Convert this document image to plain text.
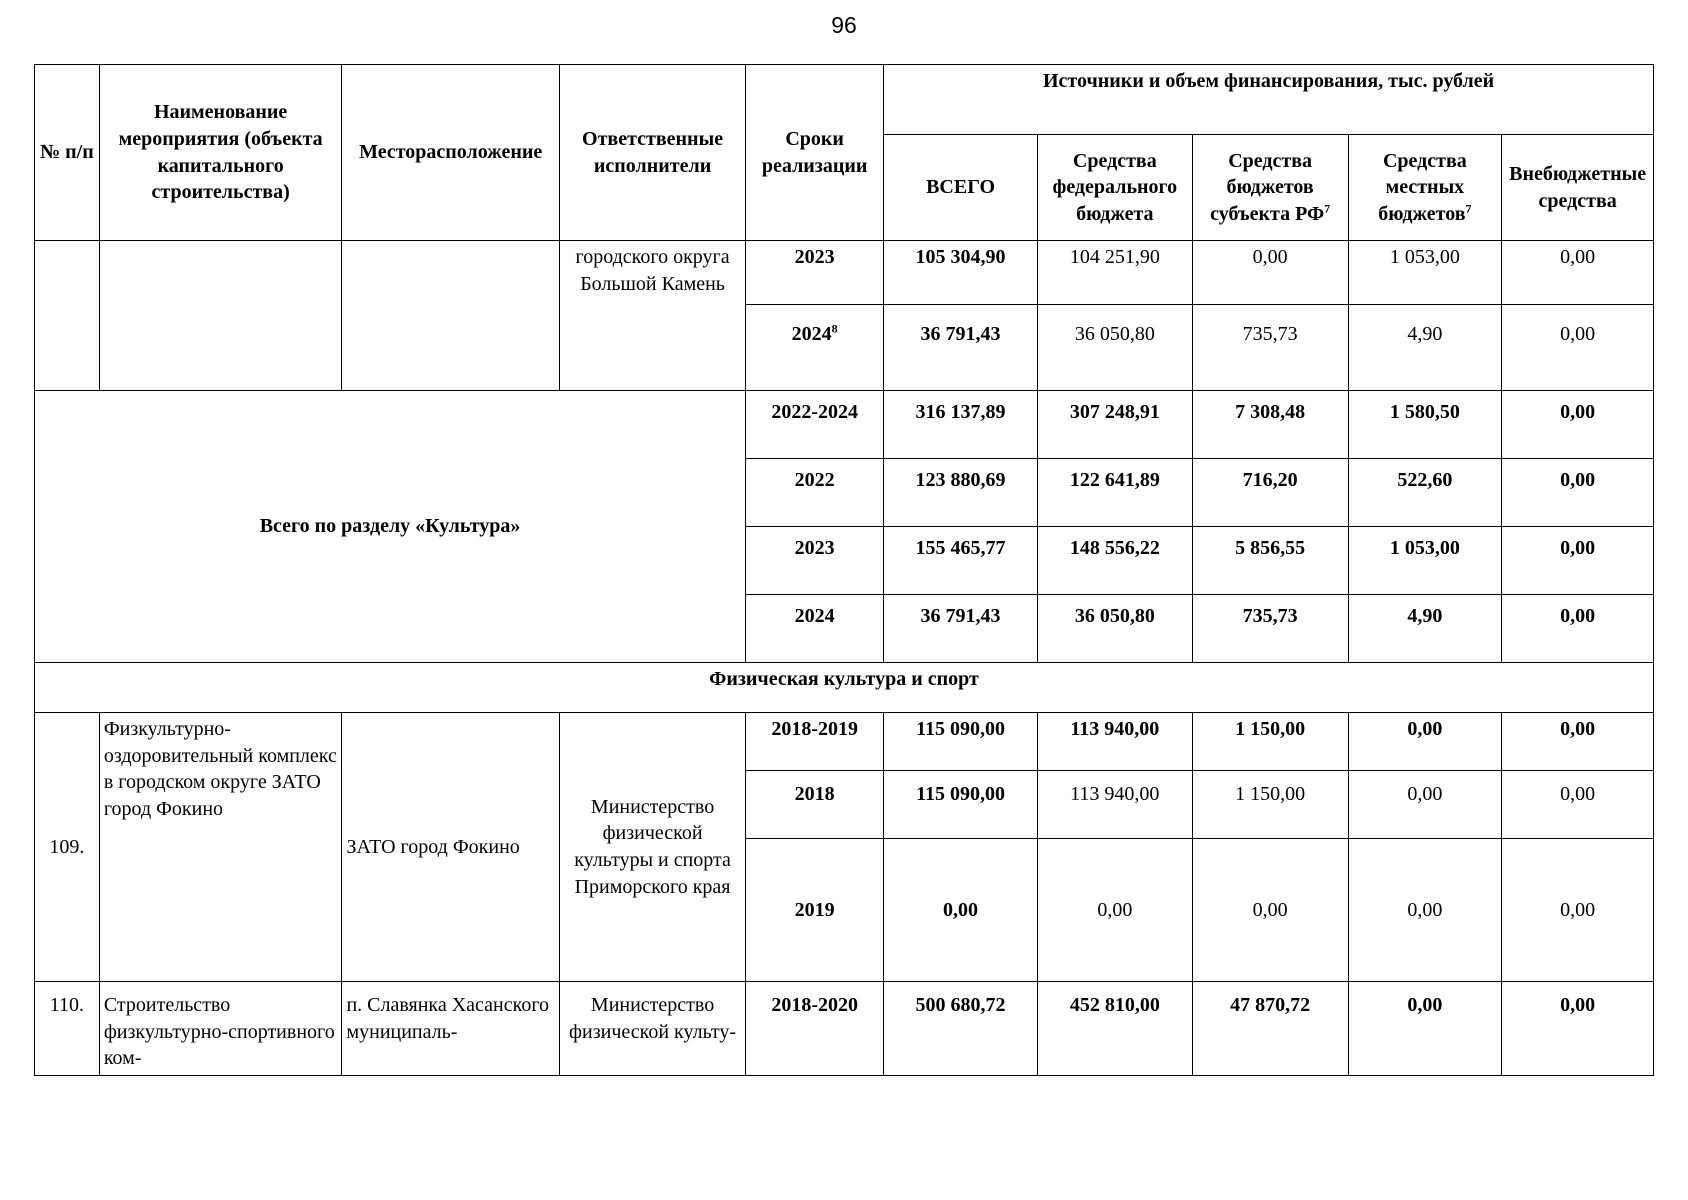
96
№ п/п	Наименование мероприятия (объекта капитального строительства)	Месторасположение	Ответственные исполнители	Сроки реализации	Источники и объем финансирования, тыс. рублей				
					ВСЕГО	Средства федерального бюджета	Средства бюджетов субъекта $РФ^7$	Средства местных бюджетов$^7$	Внебюджетные средства
			городского округа Большой Камень	2023	105 304,90	104 251,90	0,00	1 053,00	0,00
				2024$^8$	36 791,43	36 050,80	735,73	4,90	0,00
Всего по разделу «Культура»				2022-2024	316 137,89	307 248,91	7 308,48	1 580,50	0,00
				2022	123 880,69	122 641,89	716,20	522,60	0,00
				2023	155 465,77	148 556,22	5 856,55	1 053,00	0,00
				2024	36 791,43	36 050,80	735,73	4,90	0,00
Физическая культура и спорт									
109.	Физкультурно-оздоровительный комплекс в городском округе ЗАТО город Фокино	ЗАТО город Фокино	Министерство физической культуры и спорта Приморского края	2018-2019	115 090,00	113 940,00	1 150,00	0,00	0,00
				2018	115 090,00	113 940,00	1 150,00	0,00	0,00
				2019	0,00	0,00	0,00	0,00	0,00
110.	Строительство физкультурно-спортивного ком-	п. Славянка Хасанского муниципаль-	Министерство физической культу-	2018-2020	500 680,72	452 810,00	47 870,72	0,00	0,00
